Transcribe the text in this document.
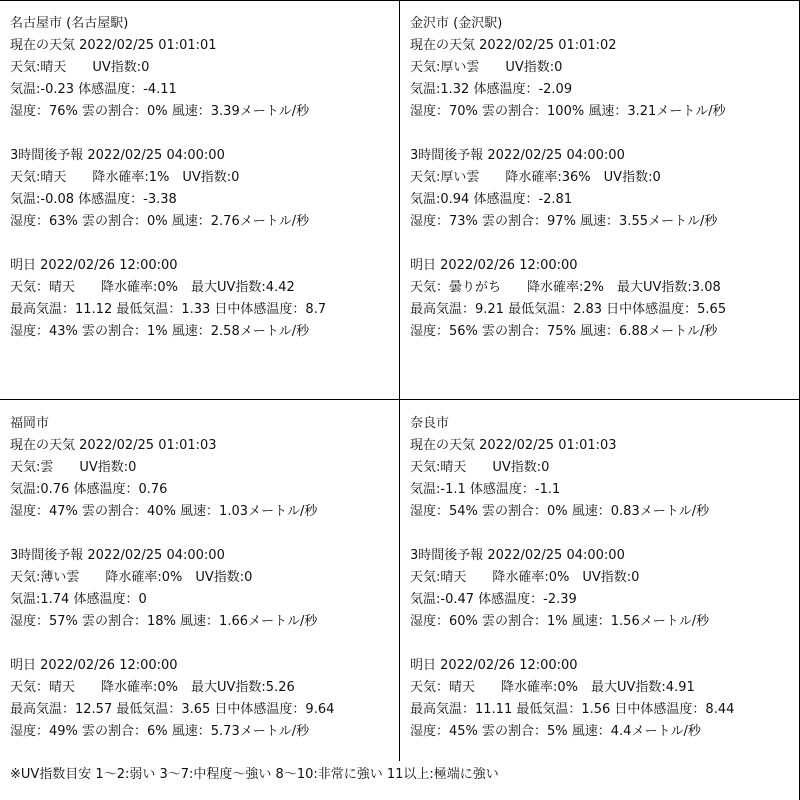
名古屋市 (名古屋駅)
現在の天気 2022/02/25 01:01:01
天気:晴天　　UV指数:0
気温:-0.23 体感温度：-4.11
湿度：76% 雲の割合：0% 風速：3.39メートル/秒
3時間後予報 2022/02/25 04:00:00
天気:晴天　　降水確率:1%　UV指数:0
気温:-0.08 体感温度：-3.38
湿度：63% 雲の割合：0% 風速：2.76メートル/秒
明日 2022/02/26 12:00:00
天気：晴天　　降水確率:0%　最大UV指数:4.42
最高気温：11.12 最低気温：1.33 日中体感温度：8.7
湿度：43% 雲の割合：1% 風速：2.58メートル/秒
金沢市 (金沢駅)
現在の天気 2022/02/25 01:01:02
天気:厚い雲　　UV指数:0
気温:1.32 体感温度：-2.09
湿度：70% 雲の割合：100% 風速：3.21メートル/秒
3時間後予報 2022/02/25 04:00:00
天気:厚い雲　　降水確率:36%　UV指数:0
気温:0.94 体感温度：-2.81
湿度：73% 雲の割合：97% 風速：3.55メートル/秒
明日 2022/02/26 12:00:00
天気：曇りがち　　降水確率:2%　最大UV指数:3.08
最高気温：9.21 最低気温：2.83 日中体感温度：5.65
湿度：56% 雲の割合：75% 風速：6.88メートル/秒
福岡市
現在の天気 2022/02/25 01:01:03
天気:雲　　UV指数:0
気温:0.76 体感温度：0.76
湿度：47% 雲の割合：40% 風速：1.03メートル/秒
3時間後予報 2022/02/25 04:00:00
天気:薄い雲　　降水確率:0%　UV指数:0
気温:1.74 体感温度：0
湿度：57% 雲の割合：18% 風速：1.66メートル/秒
明日 2022/02/26 12:00:00
天気：晴天　　降水確率:0%　最大UV指数:5.26
最高気温：12.57 最低気温：3.65 日中体感温度：9.64
湿度：49% 雲の割合：6% 風速：5.73メートル/秒
奈良市
現在の天気 2022/02/25 01:01:03
天気:晴天　　UV指数:0
気温:-1.1 体感温度：-1.1
湿度：54% 雲の割合：0% 風速：0.83メートル/秒
3時間後予報 2022/02/25 04:00:00
天気:晴天　　降水確率:0%　UV指数:0
気温:-0.47 体感温度：-2.39
湿度：60% 雲の割合：1% 風速：1.56メートル/秒
明日 2022/02/26 12:00:00
天気：晴天　　降水確率:0%　最大UV指数:4.91
最高気温：11.11 最低気温：1.56 日中体感温度：8.44
湿度：45% 雲の割合：5% 風速：4.4メートル/秒
※UV指数目安 1〜2:弱い 3〜7:中程度〜強い 8〜10:非常に強い 11以上:極端に強い
